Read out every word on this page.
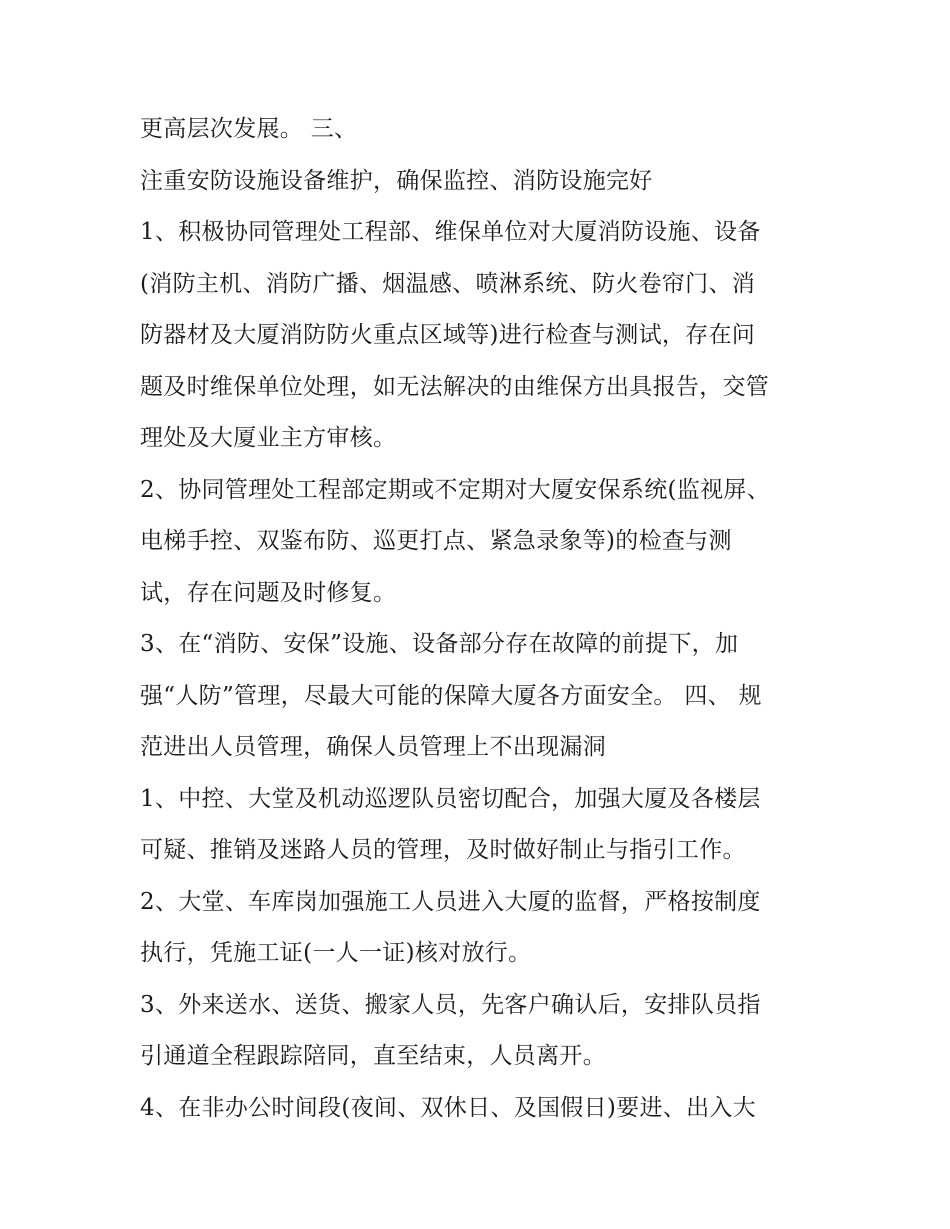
更高层次发展。 三、
注重安防设施设备维护，确保监控、消防设施完好
1、积极协同管理处工程部、维保单位对大厦消防设施、设备
(消防主机、消防广播、烟温感、喷淋系统、防火卷帘门、消
防器材及大厦消防防火重点区域等)进行检查与测试，存在问
题及时维保单位处理，如无法解决的由维保方出具报告，交管
理处及大厦业主方审核。
2、协同管理处工程部定期或不定期对大厦安保系统(监视屏、
电梯手控、双鉴布防、巡更打点、紧急录象等)的检查与测
试，存在问题及时修复。
3、在“消防、安保”设施、设备部分存在故障的前提下，加
强“人防”管理，尽最大可能的保障大厦各方面安全。 四、 规
范进出人员管理，确保人员管理上不出现漏洞
1、中控、大堂及机动巡逻队员密切配合，加强大厦及各楼层
可疑、推销及迷路人员的管理，及时做好制止与指引工作。
2、大堂、车库岗加强施工人员进入大厦的监督，严格按制度
执行，凭施工证(一人一证)核对放行。
3、外来送水、送货、搬家人员，先客户确认后，安排队员指
引通道全程跟踪陪同，直至结束，人员离开。
4、在非办公时间段(夜间、双休日、及国假日)要进、出入大
